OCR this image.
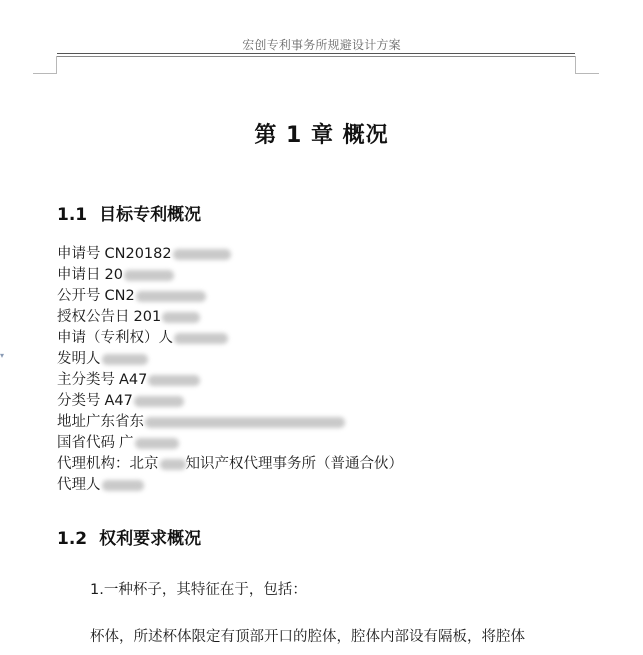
宏创专利事务所规避设计方案
▾
第 1 章 概况
1.1 目标专利概况
申请号 CN20182
申请日 20
公开号 CN2
授权公告日 201
申请（专利权）人
发明人
主分类号 A47
分类号 A47
地址广东省东
国省代码 广
代理机构：北京 知识产权代理事务所（普通合伙）
代理人
1.2 权利要求概况
1.一种杯子，其特征在于，包括：
杯体，所述杯体限定有顶部开口的腔体，腔体内部设有隔板，将腔体
